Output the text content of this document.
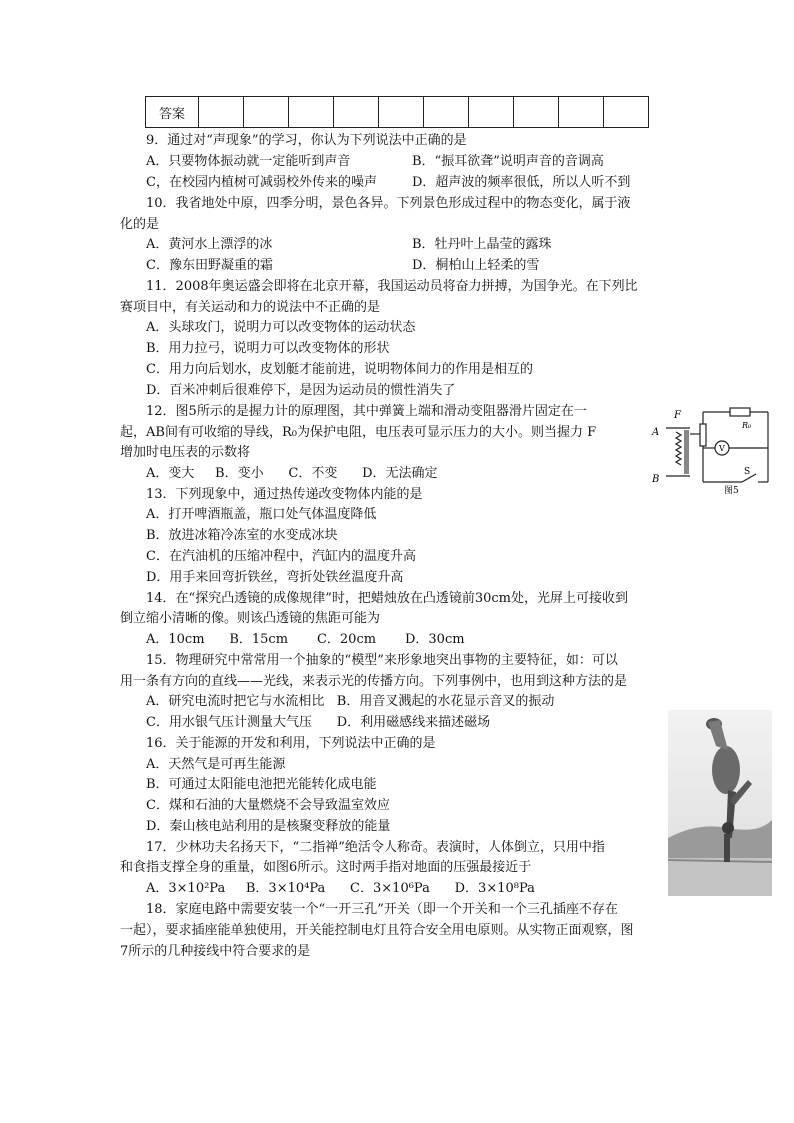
答案										
9．通过对“声现象”的学习，你认为下列说法中正确的是
A．只要物体振动就一定能听到声音	B．“振耳欲聋”说明声音的音调高
C，在校园内植树可减弱校外传来的噪声	D．超声波的频率很低，所以人听不到
10．我省地处中原，四季分明，景色各异。下列景色形成过程中的物态变化，属于液
化的是
A．黄河水上漂浮的冰	B．牡丹叶上晶莹的露珠
C．豫东田野凝重的霜	D．桐柏山上轻柔的雪
11．2008年奥运盛会即将在北京开幕，我国运动员将奋力拼搏，为国争光。在下列比
赛项目中，有关运动和力的说法中不正确的是
A．头球攻门，说明力可以改变物体的运动状态
B．用力拉弓，说明力可以改变物体的形状
C．用力向后划水，皮划艇才能前进，说明物体间力的作用是相互的
D．百米冲刺后很难停下，是因为运动员的惯性消失了
12．图5所示的是握力计的原理图，其中弹簧上端和滑动变阻器滑片固定在一
起，AB间有可收缩的导线，R₀为保护电阻，电压表可显示压力的大小。则当握力 F
增加时电压表的示数将
A．变大     B．变小      C．不变      D．无法确定
F
A
B
R₀
V
S
图5
13．下列现象中，通过热传递改变物体内能的是
A．打开啤酒瓶盖，瓶口处气体温度降低
B．放进冰箱冷冻室的水变成冰块
C．在汽油机的压缩冲程中，汽缸内的温度升高
D．用手来回弯折铁丝，弯折处铁丝温度升高
14．在“探究凸透镜的成像规律”时，把蜡烛放在凸透镜前30cm处，光屏上可接收到
倒立缩小清晰的像。则该凸透镜的焦距可能为
A．10cm      B．15cm       C．20cm       D．30cm
15．物理研究中常常用一个抽象的“模型”来形象地突出事物的主要特征，如：可以
用一条有方向的直线——光线，来表示光的传播方向。下列事例中，也用到这种方法的是
A．研究电流时把它与水流相比   B．用音叉溅起的水花显示音叉的振动
C．用水银气压计测量大气压      D．利用磁感线来描述磁场
16．关于能源的开发和利用，下列说法中正确的是
A．天然气是可再生能源
B．可通过太阳能电池把光能转化成电能
C．煤和石油的大量燃烧不会导致温室效应
D．秦山核电站利用的是核聚变释放的能量
17．少林功夫名扬天下，“二指禅”绝活令人称奇。表演时，人体倒立，只用中指
和食指支撑全身的重量，如图6所示。这时两手指对地面的压强最接近于
A．3×10²Pa     B．3×10⁴Pa      C．3×10⁶Pa      D．3×10⁸Pa
18．家庭电路中需要安装一个“一开三孔”开关（即一个开关和一个三孔插座不存在
一起），要求插座能单独使用，开关能控制电灯且符合安全用电原则。从实物正面观察，图
7所示的几种接线中符合要求的是
